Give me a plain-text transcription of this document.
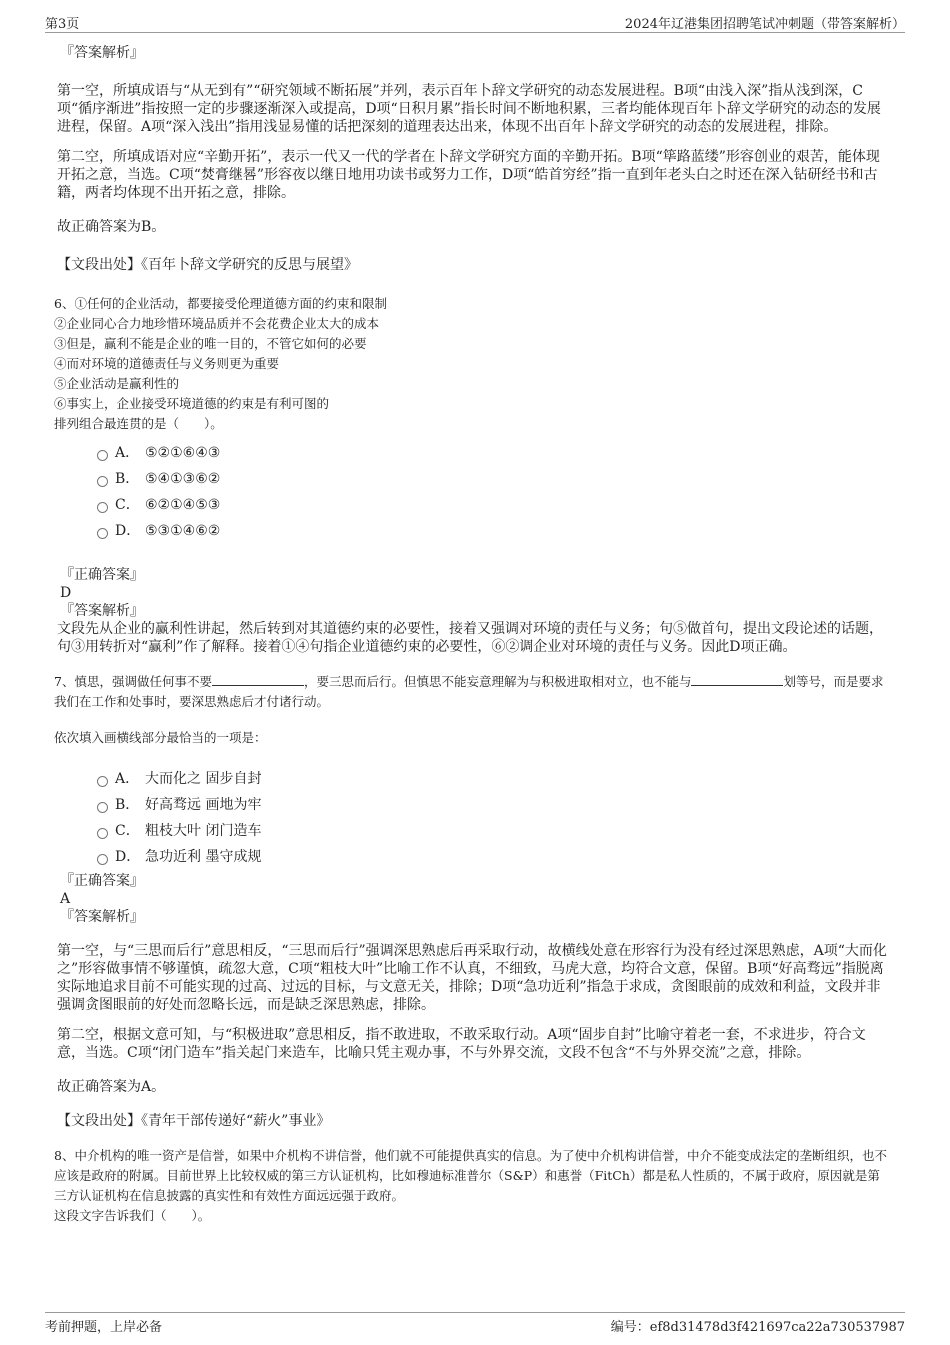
第3页	2024年辽港集团招聘笔试冲刺题（带答案解析）

『答案解析』

第一空，所填成语与“从无到有”“研究领域不断拓展”并列，表示百年卜辞文学研究的动态发展进程。B项“由浅入深”指从浅到深，C项“循序渐进”指按照一定的步骤逐渐深入或提高，D项“日积月累”指长时间不断地积累，三者均能体现百年卜辞文学研究的动态的发展进程，保留。A项“深入浅出”指用浅显易懂的话把深刻的道理表达出来，体现不出百年卜辞文学研究的动态的发展进程，排除。

第二空，所填成语对应“辛勤开拓”，表示一代又一代的学者在卜辞文学研究方面的辛勤开拓。B项“筚路蓝缕”形容创业的艰苦，能体现开拓之意，当选。C项“焚膏继晷”形容夜以继日地用功读书或努力工作，D项“皓首穷经”指一直到年老头白之时还在深入钻研经书和古籍，两者均体现不出开拓之意，排除。

故正确答案为B。

【文段出处】《百年卜辞文学研究的反思与展望》

6、①任何的企业活动，都要接受伦理道德方面的约束和限制

②企业同心合力地珍惜环境品质并不会花费企业太大的成本

③但是，赢利不能是企业的唯一目的，不管它如何的必要

④而对环境的道德责任与义务则更为重要

⑤企业活动是赢利性的

⑥事实上，企业接受环境道德的约束是有利可图的

排列组合最连贯的是（　　）。

A． ⑤②①⑥④③
B． ⑤④①③⑥②
C． ⑥②①④⑤③
D． ⑤③①④⑥②

『正确答案』

D

『答案解析』

文段先从企业的赢利性讲起，然后转到对其道德约束的必要性，接着又强调对环境的责任与义务；句⑤做首句，提出文段论述的话题，句③用转折对“赢利”作了解释。接着①④句指企业道德约束的必要性，⑥②调企业对环境的责任与义务。因此D项正确。

7、慎思，强调做任何事不要	，要三思而后行。但慎思不能妄意理解为与积极进取相对立，也不能与	划等号，而是要求我们在工作和处事时，要深思熟虑后才付诸行动。

依次填入画横线部分最恰当的一项是：

A． 大而化之 固步自封
B． 好高骛远 画地为牢
C． 粗枝大叶 闭门造车
D． 急功近利 墨守成规

『正确答案』

A

『答案解析』

第一空，与“三思而后行”意思相反，“三思而后行”强调深思熟虑后再采取行动，故横线处意在形容行为没有经过深思熟虑，A项“大而化之”形容做事情不够谨慎，疏忽大意，C项“粗枝大叶”比喻工作不认真，不细致，马虎大意，均符合文意，保留。B项“好高骛远”指脱离实际地追求目前不可能实现的过高、过远的目标，与文意无关，排除；D项“急功近利”指急于求成，贪图眼前的成效和利益，文段并非强调贪图眼前的好处而忽略长远，而是缺乏深思熟虑，排除。

第二空，根据文意可知，与“积极进取”意思相反，指不敢进取，不敢采取行动。A项“固步自封”比喻守着老一套，不求进步，符合文意，当选。C项“闭门造车”指关起门来造车，比喻只凭主观办事，不与外界交流，文段不包含“不与外界交流”之意，排除。

故正确答案为A。

【文段出处】《青年干部传递好“薪火”事业》

8、中介机构的唯一资产是信誉，如果中介机构不讲信誉，他们就不可能提供真实的信息。为了使中介机构讲信誉，中介不能变成法定的垄断组织，也不应该是政府的附属。目前世界上比较权威的第三方认证机构，比如穆迪标准普尔（S&P）和惠誉（FitCh）都是私人性质的，不属于政府，原因就是第三方认证机构在信息披露的真实性和有效性方面远远强于政府。

这段文字告诉我们（　　）。

考前押题，上岸必备	编号：ef8d31478d3f421697ca22a730537987
